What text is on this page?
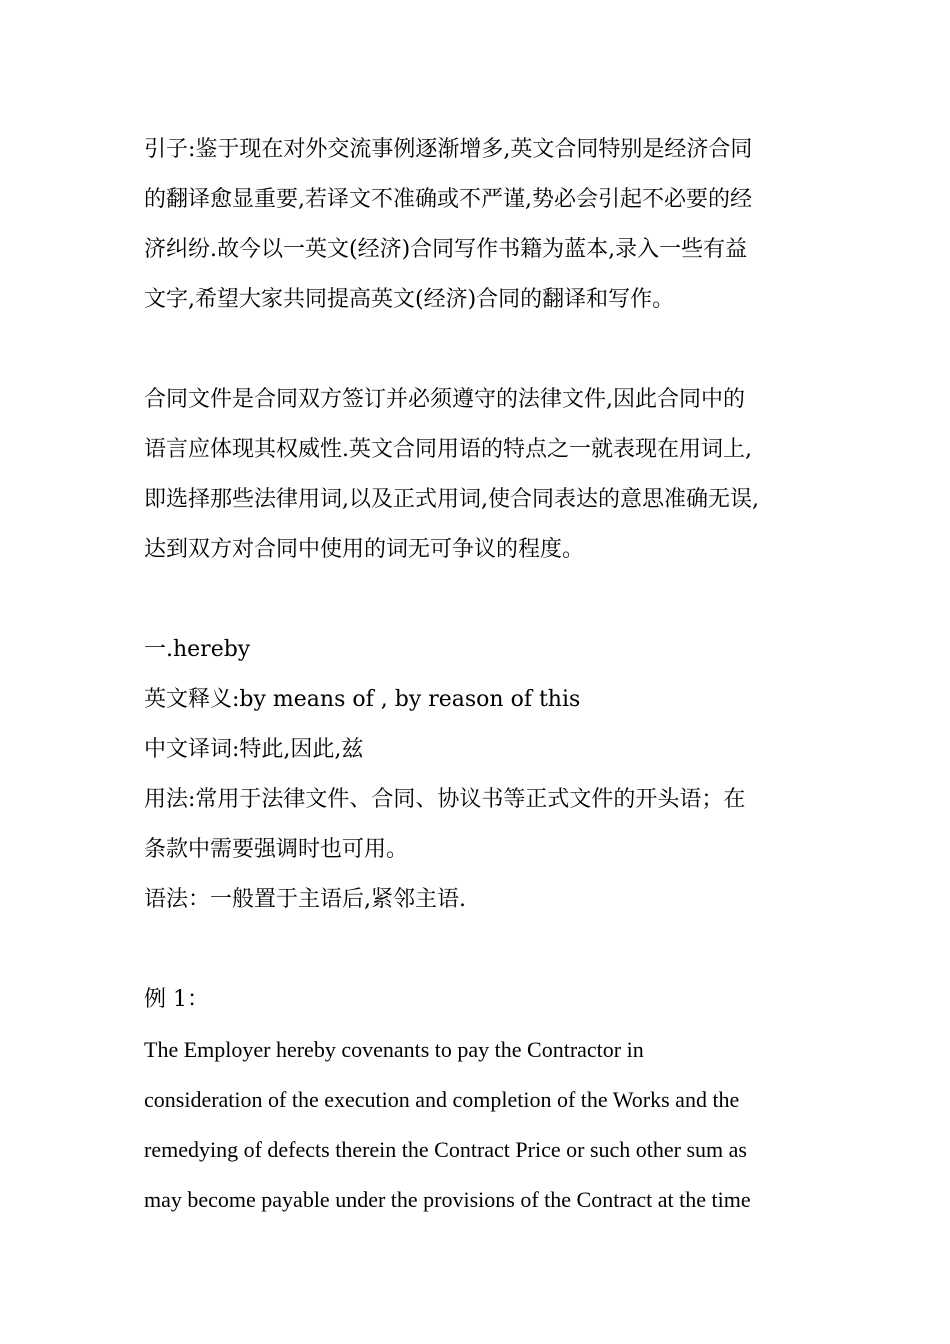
引子:鉴于现在对外交流事例逐渐增多,英文合同特别是经济合同
的翻译愈显重要,若译文不准确或不严谨,势必会引起不必要的经
济纠纷.故今以一英文(经济)合同写作书籍为蓝本,录入一些有益
文字,希望大家共同提高英文(经济)合同的翻译和写作。
合同文件是合同双方签订并必须遵守的法律文件,因此合同中的
语言应体现其权威性.英文合同用语的特点之一就表现在用词上,
即选择那些法律用词,以及正式用词,使合同表达的意思准确无误,
达到双方对合同中使用的词无可争议的程度。
一.hereby
英文释义:by means of , by reason of this
中文译词:特此,因此,兹
用法:常用于法律文件、合同、协议书等正式文件的开头语；在
条款中需要强调时也可用。
语法：一般置于主语后,紧邻主语.
例 1：
The Employer hereby covenants to pay the Contractor in
consideration of the execution and completion of the Works and the
remedying of defects therein the Contract Price or such other sum as
may become payable under the provisions of the Contract at the time
